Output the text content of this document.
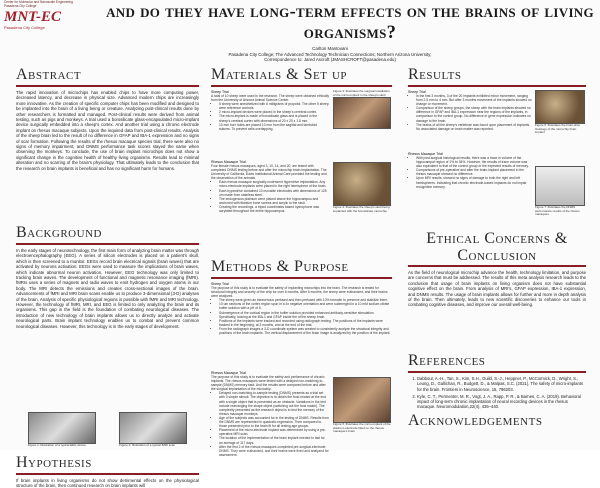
Center for Molecular and Nanoscale Engineering
Pasadena City College
MNT-EC
Pasadena City College
and do they have long-term effects on the brains of living organisms?
Carlton Mantovani
Pasadena City College; The Advanced Technology Technician Connections; Northern Arizona University;
Correspondence to: Jared Ascroft (JMASHCROFT@pasadena.edu)
Abstract
The rapid innovation of microchips has enabled chips to have more computing power, decreased latency, and decrease in physical size. Advanced modern chips are increasingly more innovative. As the creation of specific computer chips has been modified and designed to be implanted into the brain of a living being or creature. Analyzing post-clinical results done by other researchers is formatted and managed. Post-clinical results were derived from animal testing, such as pigs and monkeys. A trial used a borosilicate glass-encapsulated micro-implant device surgically embedded into a sheep's cortex. And another trial using a chronic electrode implant on rhesus macaque subjects. Upon the inquired data from post-clinical results. Analysis of the sheep brain led to the result of no difference in GFAP and IBA-1 expression and no signs of scar formation. Following the results of the rhesus macaque species trial, there were also no signs of memory impairment, and DNMS performance task scores stayed the same when observing the monkeys. To conclude, the use of brain implant microchips does not show a significant change in the cognitive health of healthy living organisms. Results lead to minimal alteration and no scarring of the brain's physiology. That ultimately leads to the conclusion that the research on brain implants is beneficial and has no significant harm for humans.
Background
In the early stages of neurotechnology, the first main form of analyzing brain matter was through electroencephalography (EEG). A series of silicon electrodes is placed on a patient's skull, which is then screened to a monitor. EEGs record brain electrical signals (brain waves) that are activated by neurons activation. EEGs were used to measure the implications of brain waves, which indicate abnormal neuron activation. However, EEG technology was only limited to tracking brain waves. The development of functional and magnetic resonance imaging (fMRI). fMRIs uses a series of magnets and radio waves to emit hydrogen and oxygen atoms in our body. The MRI detects the emissions and creates cross-sectional images of the brain. Advancements of fMRI and MRI brain scans enable us to produce 3-dimensional (3-D) analyses of the brain. Analysis of specific physiological regions is possible with fMRI and MRI technology. However, the technology of fMRI, MRI, and EEG is limited to only analyzing the brain and its organisms. This gap in the field is the foundation of combating neurological diseases. The introduction of new technology of brain implants allows us to directly analyze and activate neurological parts. Brain implant technology enables us to combat and prevent common neurological diseases. However, this technology is in the early stages of development.
Figure 1: Illustration of a typical EEG device	Figure 2: Illustration of a typical fMRI scan
Hypothesis
If brain implants in living organisms do not show detrimental effects on the physiological structure of the brain, then continued research on brain implants will
Materials & Set up
Sheep Trial
A total of 10 sheep were used in the research. The sheep were obtained ethically from the University of Arizona Animal Science Center.
• 5 sheep were anesthetized with 6 milligrams of propofol. The other 5 sheep were reference controls.
• 2 micro-implant devices were placed in the sheep's cerebral cortex.
• The micro-implant is made of borosilicate glass and is placed in the sheep's cerebral cortex with dimensions of 20 x 20 x 1.8 mm.
• 10 mm burr holes are placed 10 mm from the sagittal and lambdoid sutures. To prevent cells overlapping.
Figure 3: Illustrates the surgical installation of the micro-implant in the sheep's skull
Rhesus Macaque Trial
Four female rhesus macaques, aged 3, 10, 14, and 20, are tested with completed DNMS testing before and after the microchip brain implantation. The University of California, Davis Institutional Animal Care provided the testing and the observation of the animals.
• Each rhesus macaque surgically underwent hyperdrive implantation. Any micro-electrode implants were placed in the right hemisphere of the brain.
• Each hyperdrive contained 10 movable electrodes with dimensions of 125 um made from stainless steel.
• The endogenous platinum were placed above the hippocampus and anchored with titanium bone screws and acrylic to the skull.
• Creating the recordings, a tripod coordinates based hydrophone was acrylated throughout the entire hippocampus.
Figure 4: Illustrates the sheep's skull being implanted with the borosilicate microchip
Methods & Purpose
Sheep Trial
The purpose of this study is to evaluate the safety of implanting microchips into the brain. The research is tested for structural integrity and security of the chip for over 6 months. After 6 months, the sheep were euthanized, and their brains were analyzed.
• The sheep were given an intravenous perfused and then perfused with 10% formalin to preserve and stabilize them.
• 10 um sections of the cortex region spun in a 4x negative orientation and were submerged in a 10 mM sodium citrate buffer solution with a pH of 6.
• Submergence of the cortical region in the buffer solution provided enhanced antibody-sensitive stimulation. Specifically, looking at the IBA-1 and GFAP inside the of the sheep brain.
• Positions of the implants were tracked and recorded using radiograph testing. The positions of the implants were tracked in the beginning, at 3 months, and at the end of the trial.
• From the radiograph images a 3-D coordinate system was created to consistently analyze the structural integrity and positions of the brain implants. The vertical displacement of the brain image is analyzed by the position of the implant.
Rhesus Macaque Trial
The purpose of this study is to evaluate the safety and performance of chronic implants. The rhesus macaques were tested with a delayed non-matching-to-sample (DNMS) memory task. And the results were compared before and after the surgical implantation of the microchip.
• Delayed non-matching-to-sample testing (DNMS) presents as a trial set with 3 simple stimuli. The objective is to obtain the food reward at the end with a single object that is presented as an obstacle. Variations in the test include rearranging the shape object (switching out the food match). The complexity presented as the research object is to test the memory of the rhesus macaque monkeys.
• Age of the subjects was accounted for in the testing of DNMS. Results from the DNMS are represented in quadratic regression. Then compared to those presented prior to the brain fit for all testing age groups.
• Placement of the micro-electrode implant was determined by using a pre-operative MRI scan.
• The location of the implementation of the brain implant needed to last for an average of 117 days.
• After the first 2 of the rhesus macaques completed pre-surgical-electrode DNMS. They were euthanized, and their brains were fixed and analyzed for assessment.
Figure 5: Illustrates the micro-implant of the platinum electrode fitted on the rhesus macaque's brain
Results
Sheep Trial
• In the first 3 months, 3 of the 20 implants exhibited minor movement, ranging from 2.5 mm to 4 mm. But after 3 months movement of the implants showed no change or movement.
• Comparison of the sheep groups, the sheep with the brain implants showed no difference in GFAP and IBA-1 expression near the regions of the implants, in comparison to the control group. No difference in gene expression indicates no damage to the brain.
• The brains of all the sheep's vertebrae was found upon placement of implants. No associated damage on brain matter was reported.
Figure 6: Illustrates the brain-slice histology of the microchip brain implant
Rhesus Macaque Trial
• With post-surgical histological results, there was a trace in volume of the hippocampal region of 1% to 34%. However, the results of trace volume was also equivalent to that of the control group or the expected results of memory.
• Comparisons of pre-operative and after the brain-implant placement in the rhesus macaque showed no difference.
• Upon MRI results, showed no signs of damage to both the right and left hemispheres. Indicating that chronic electrode-based implants do not impair recognition memory.
Figure 7: Illustrates the DNMS performance results of the rhesus macaques
Ethical Concerns & Conclusion
As the field of neurological microchip advance the health, technology limitation, and purpose are concerns that must be addressed. The results of this meta analysis research leads to the conclusion that usage of brain implants on living organism does not have substantial cognitive effect on the brain. From analysis of MRI's, GFAP expression, IBA-1 expression, and DNMS results. The usage of brain implants allows for further and more in depth analysis of the brain. Then ultimately, leads to new scientific discoveries to enhance our tools in combating cognitive diseases, and improve our overall well-being.
References
1. Dabbour, A.-H., Tan, S., Kim, S.H., Guild, S.-J., Heppner, P., McCormick, D., Wright, S., Leung, D., Gallichan, R., Budgett, D., & Malpas, S.C. (2021). The safety of micro-implants for the brain. Frontiers in Neuroscience, 15, 796203.
2. Kyle, C. T., Permenter, M. R., Vogt, J. A., Rapp, P. R., & Barnes, C. A. (2019). Behavioral impact of long-term chronic implantation of neural recording devices in the rhesus macaque. Neuromodulation,22(4), 435–440.
Acknowledgements
